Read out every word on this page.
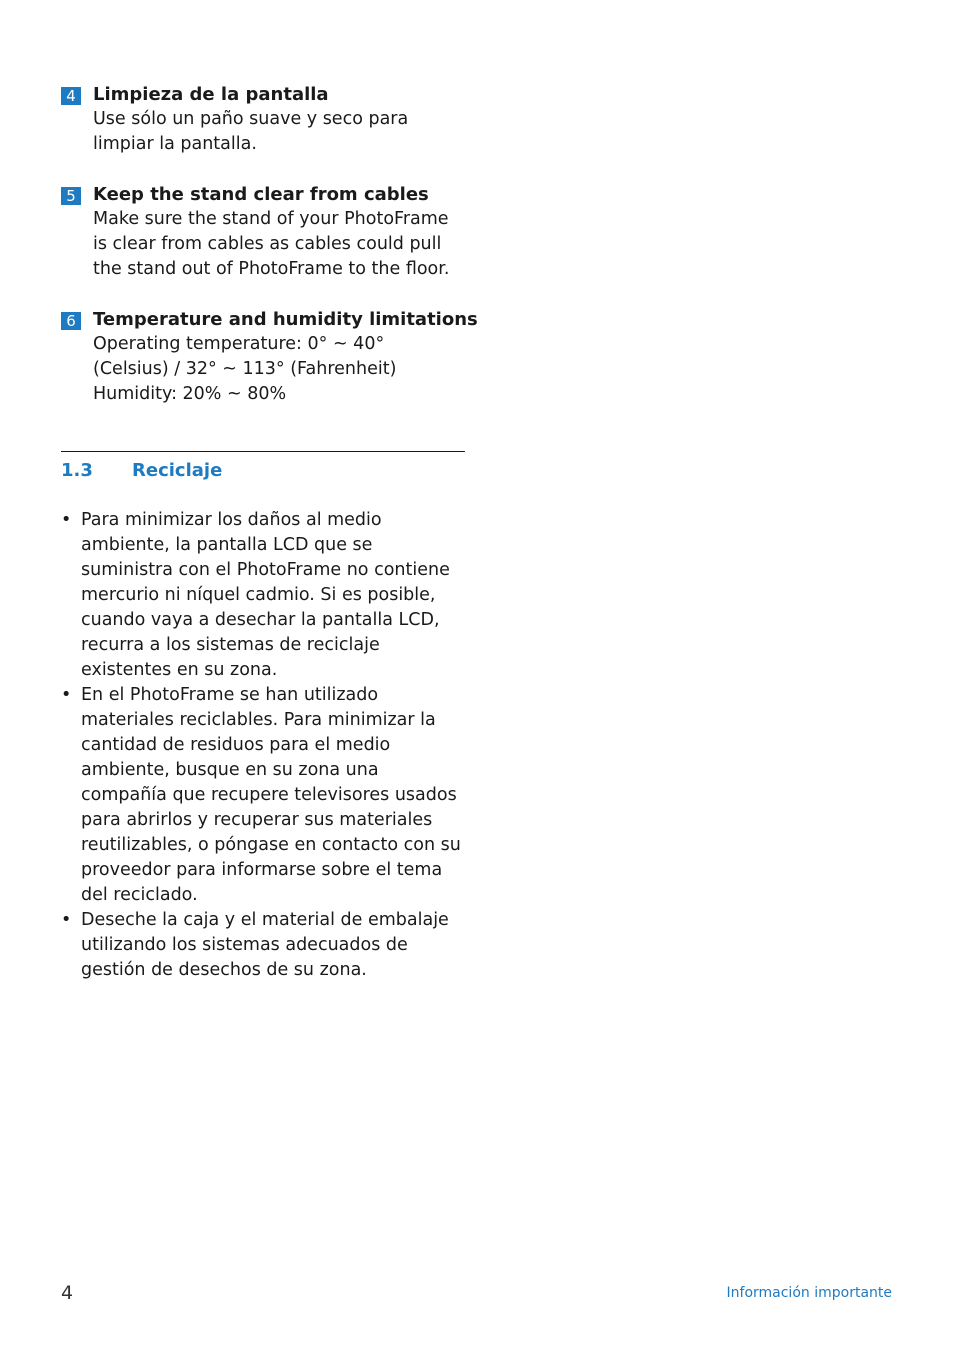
4 Limpieza de la pantalla

Use sólo un paño suave y seco para limpiar la pantalla.

5 Keep the stand clear from cables

Make sure the stand of your PhotoFrame is clear from cables as cables could pull the stand out of PhotoFrame to the floor.

6 Temperature and humidity limitations

Operating temperature: 0° ~ 40° (Celsius) / 32° ~ 113° (Fahrenheit) Humidity: 20% ~ 80%

1.3	Reciclaje
• Para minimizar los daños al medio ambiente, la pantalla LCD que se suministra con el PhotoFrame no contiene mercurio ni níquel cadmio. Si es posible, cuando vaya a desechar la pantalla LCD, recurra a los sistemas de reciclaje existentes en su zona.
• En el PhotoFrame se han utilizado materiales reciclables. Para minimizar la cantidad de residuos para el medio ambiente, busque en su zona una compañía que recupere televisores usados para abrirlos y recuperar sus materiales reutilizables, o póngase en contacto con su proveedor para informarse sobre el tema del reciclado.
• Deseche la caja y el material de embalaje utilizando los sistemas adecuados de gestión de desechos de su zona.
4	Información importante
